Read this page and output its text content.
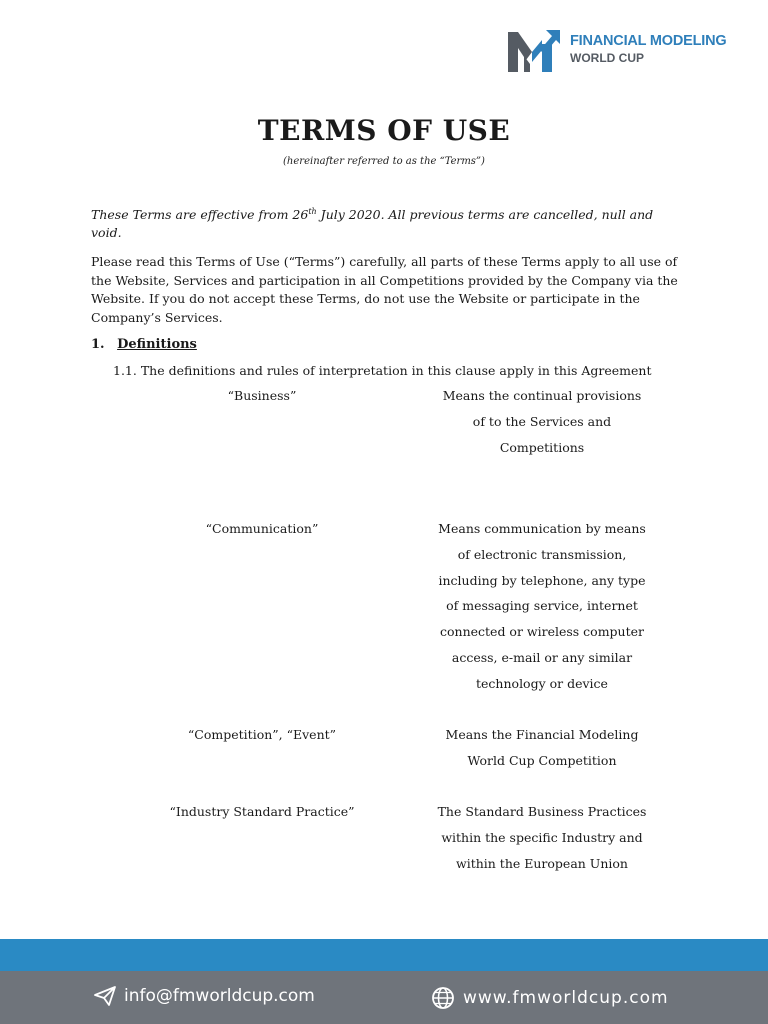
FINANCIAL MODELING
WORLD CUP
TERMS OF USE
(hereinafter referred to as the “Terms”)

These Terms are effective from 26th July 2020. All previous terms are cancelled, null and void.

Please read this Terms of Use (“Terms”) carefully, all parts of these Terms apply to all use of the Website, Services and participation in all Competitions provided by the Company via the Website. If you do not accept these Terms, do not use the Website or participate in the Company’s Services.

1. Definitions
1.1. The definitions and rules of interpretation in this clause apply in this Agreement
“Business”	Means the continual provisions
of to the Services and
Competitions
“Communication”	Means communication by means
of electronic transmission,
including by telephone, any type
of messaging service, internet
connected or wireless computer
access, e-mail or any similar
technology or device
“Competition”, “Event”	Means the Financial Modeling
World Cup Competition
“Industry Standard Practice”	The Standard Business Practices
within the specific Industry and
within the European Union
info@fmworldcup.com	www.fmworldcup.com
